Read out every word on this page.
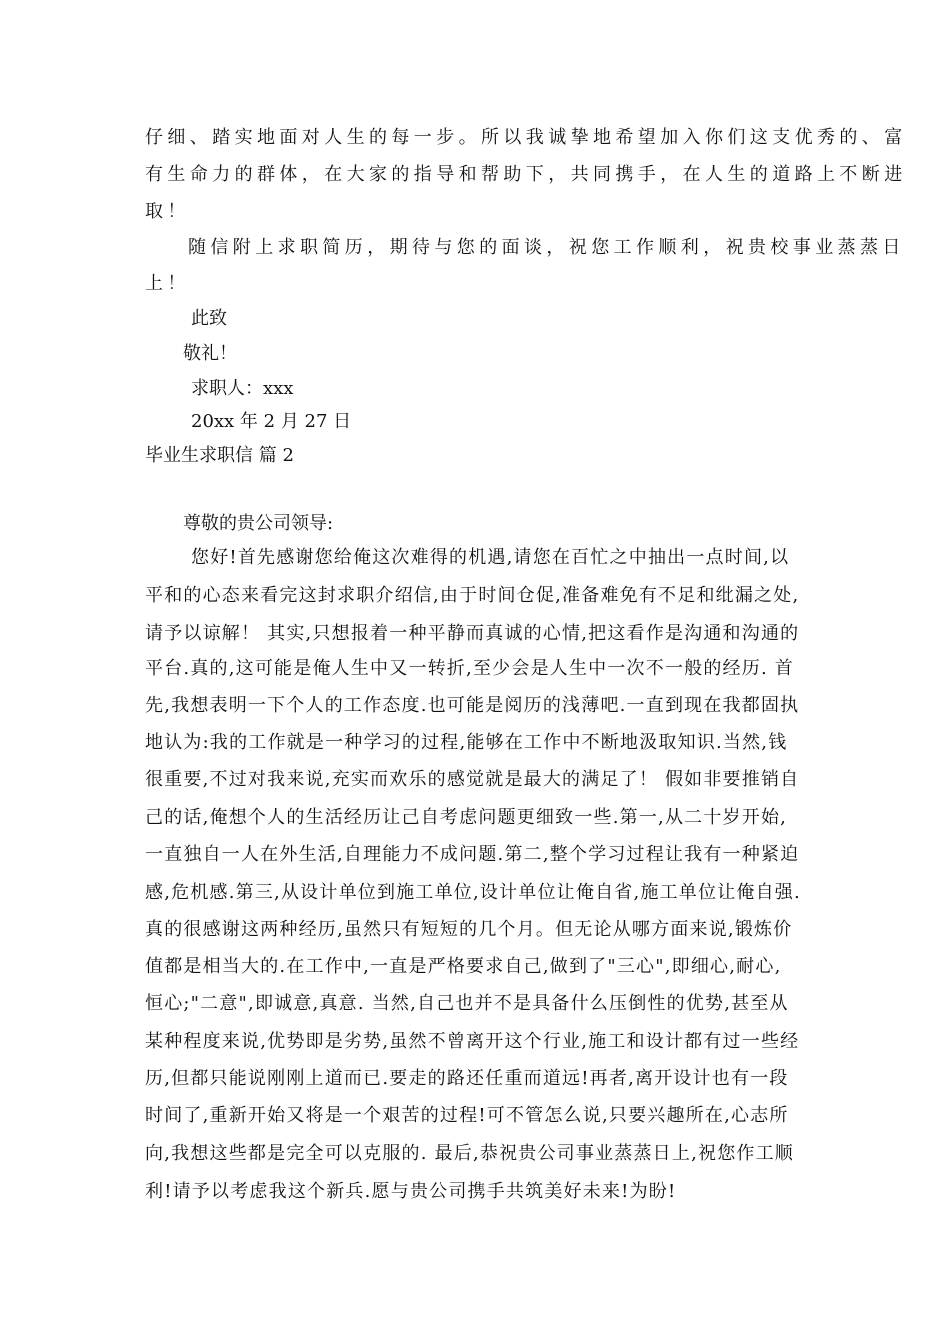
仔细、踏实地面对人生的每一步。所以我诚挚地希望加入你们这支优秀的、富
有生命力的群体，在大家的指导和帮助下，共同携手，在人生的道路上不断进
取！
随信附上求职简历，期待与您的面谈，祝您工作顺利，祝贵校事业蒸蒸日
上！
此致
敬礼！
求职人：xxx
20xx 年 2 月 27 日
毕业生求职信 篇 2
尊敬的贵公司领导:
您好!首先感谢您给俺这次难得的机遇,请您在百忙之中抽出一点时间,以
平和的心态来看完这封求职介绍信,由于时间仓促,准备难免有不足和纰漏之处,
请予以谅解！ 其实,只想报着一种平静而真诚的心情,把这看作是沟通和沟通的
平台.真的,这可能是俺人生中又一转折,至少会是人生中一次不一般的经历. 首
先,我想表明一下个人的工作态度.也可能是阅历的浅薄吧.一直到现在我都固执
地认为:我的工作就是一种学习的过程,能够在工作中不断地汲取知识.当然,钱
很重要,不过对我来说,充实而欢乐的感觉就是最大的满足了！ 假如非要推销自
己的话,俺想个人的生活经历让己自考虑问题更细致一些.第一,从二十岁开始,
一直独自一人在外生活,自理能力不成问题.第二,整个学习过程让我有一种紧迫
感,危机感.第三,从设计单位到施工单位,设计单位让俺自省,施工单位让俺自强.
真的很感谢这两种经历,虽然只有短短的几个月。但无论从哪方面来说,锻炼价
值都是相当大的.在工作中,一直是严格要求自己,做到了"三心",即细心,耐心,
恒心;"二意",即诚意,真意. 当然,自己也并不是具备什么压倒性的优势,甚至从
某种程度来说,优势即是劣势,虽然不曾离开这个行业,施工和设计都有过一些经
历,但都只能说刚刚上道而已.要走的路还任重而道远!再者,离开设计也有一段
时间了,重新开始又将是一个艰苦的过程!可不管怎么说,只要兴趣所在,心志所
向,我想这些都是完全可以克服的. 最后,恭祝贵公司事业蒸蒸日上,祝您作工顺
利!请予以考虑我这个新兵.愿与贵公司携手共筑美好未来!为盼!
